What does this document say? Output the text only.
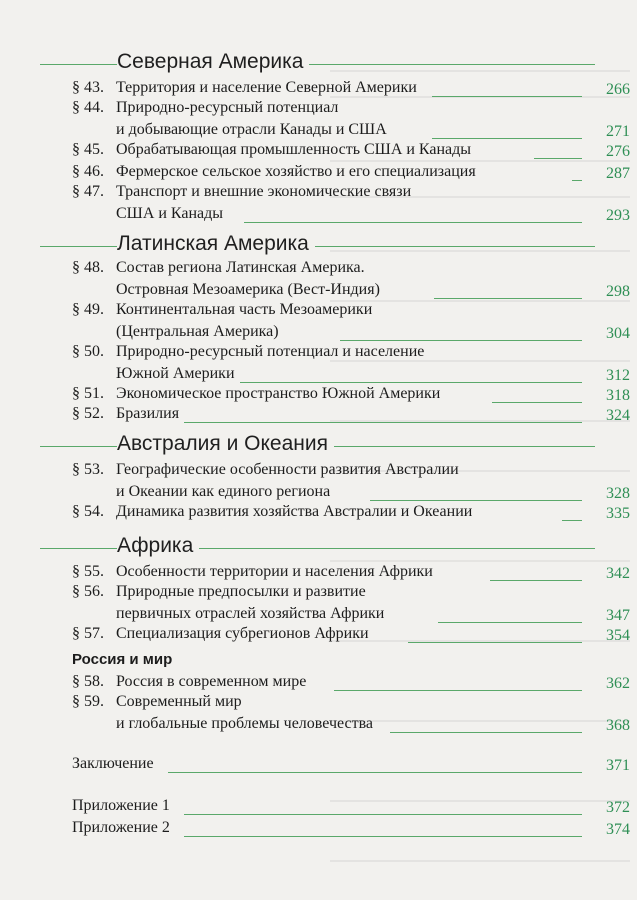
Северная Америка
§ 43. Территория и население Северной Америки	266
§ 44. Природно-ресурсный потенциал
и добывающие отрасли Канады и США	271
§ 45. Обрабатывающая промышленность США и Канады	276
§ 46. Фермерское сельское хозяйство и его специализация	287
§ 47. Транспорт и внешние экономические связи
США и Канады	293
Латинская Америка
§ 48. Состав региона Латинская Америка.
Островная Мезоамерика (Вест-Индия)	298
§ 49. Континентальная часть Мезоамерики
(Центральная Америка)	304
§ 50. Природно-ресурсный потенциал и население
Южной Америки	312
§ 51. Экономическое пространство Южной Америки	318
§ 52. Бразилия	324
Австралия и Океания
§ 53. Географические особенности развития Австралии
и Океании как единого региона	328
§ 54. Динамика развития хозяйства Австралии и Океании	335
Африка
§ 55. Особенности территории и населения Африки	342
§ 56. Природные предпосылки и развитие
первичных отраслей хозяйства Африки	347
§ 57. Специализация субрегионов Африки	354
Россия и мир
§ 58. Россия в современном мире	362
§ 59. Современный мир
и глобальные проблемы человечества	368
Заключение	371
Приложение 1	372
Приложение 2	374
